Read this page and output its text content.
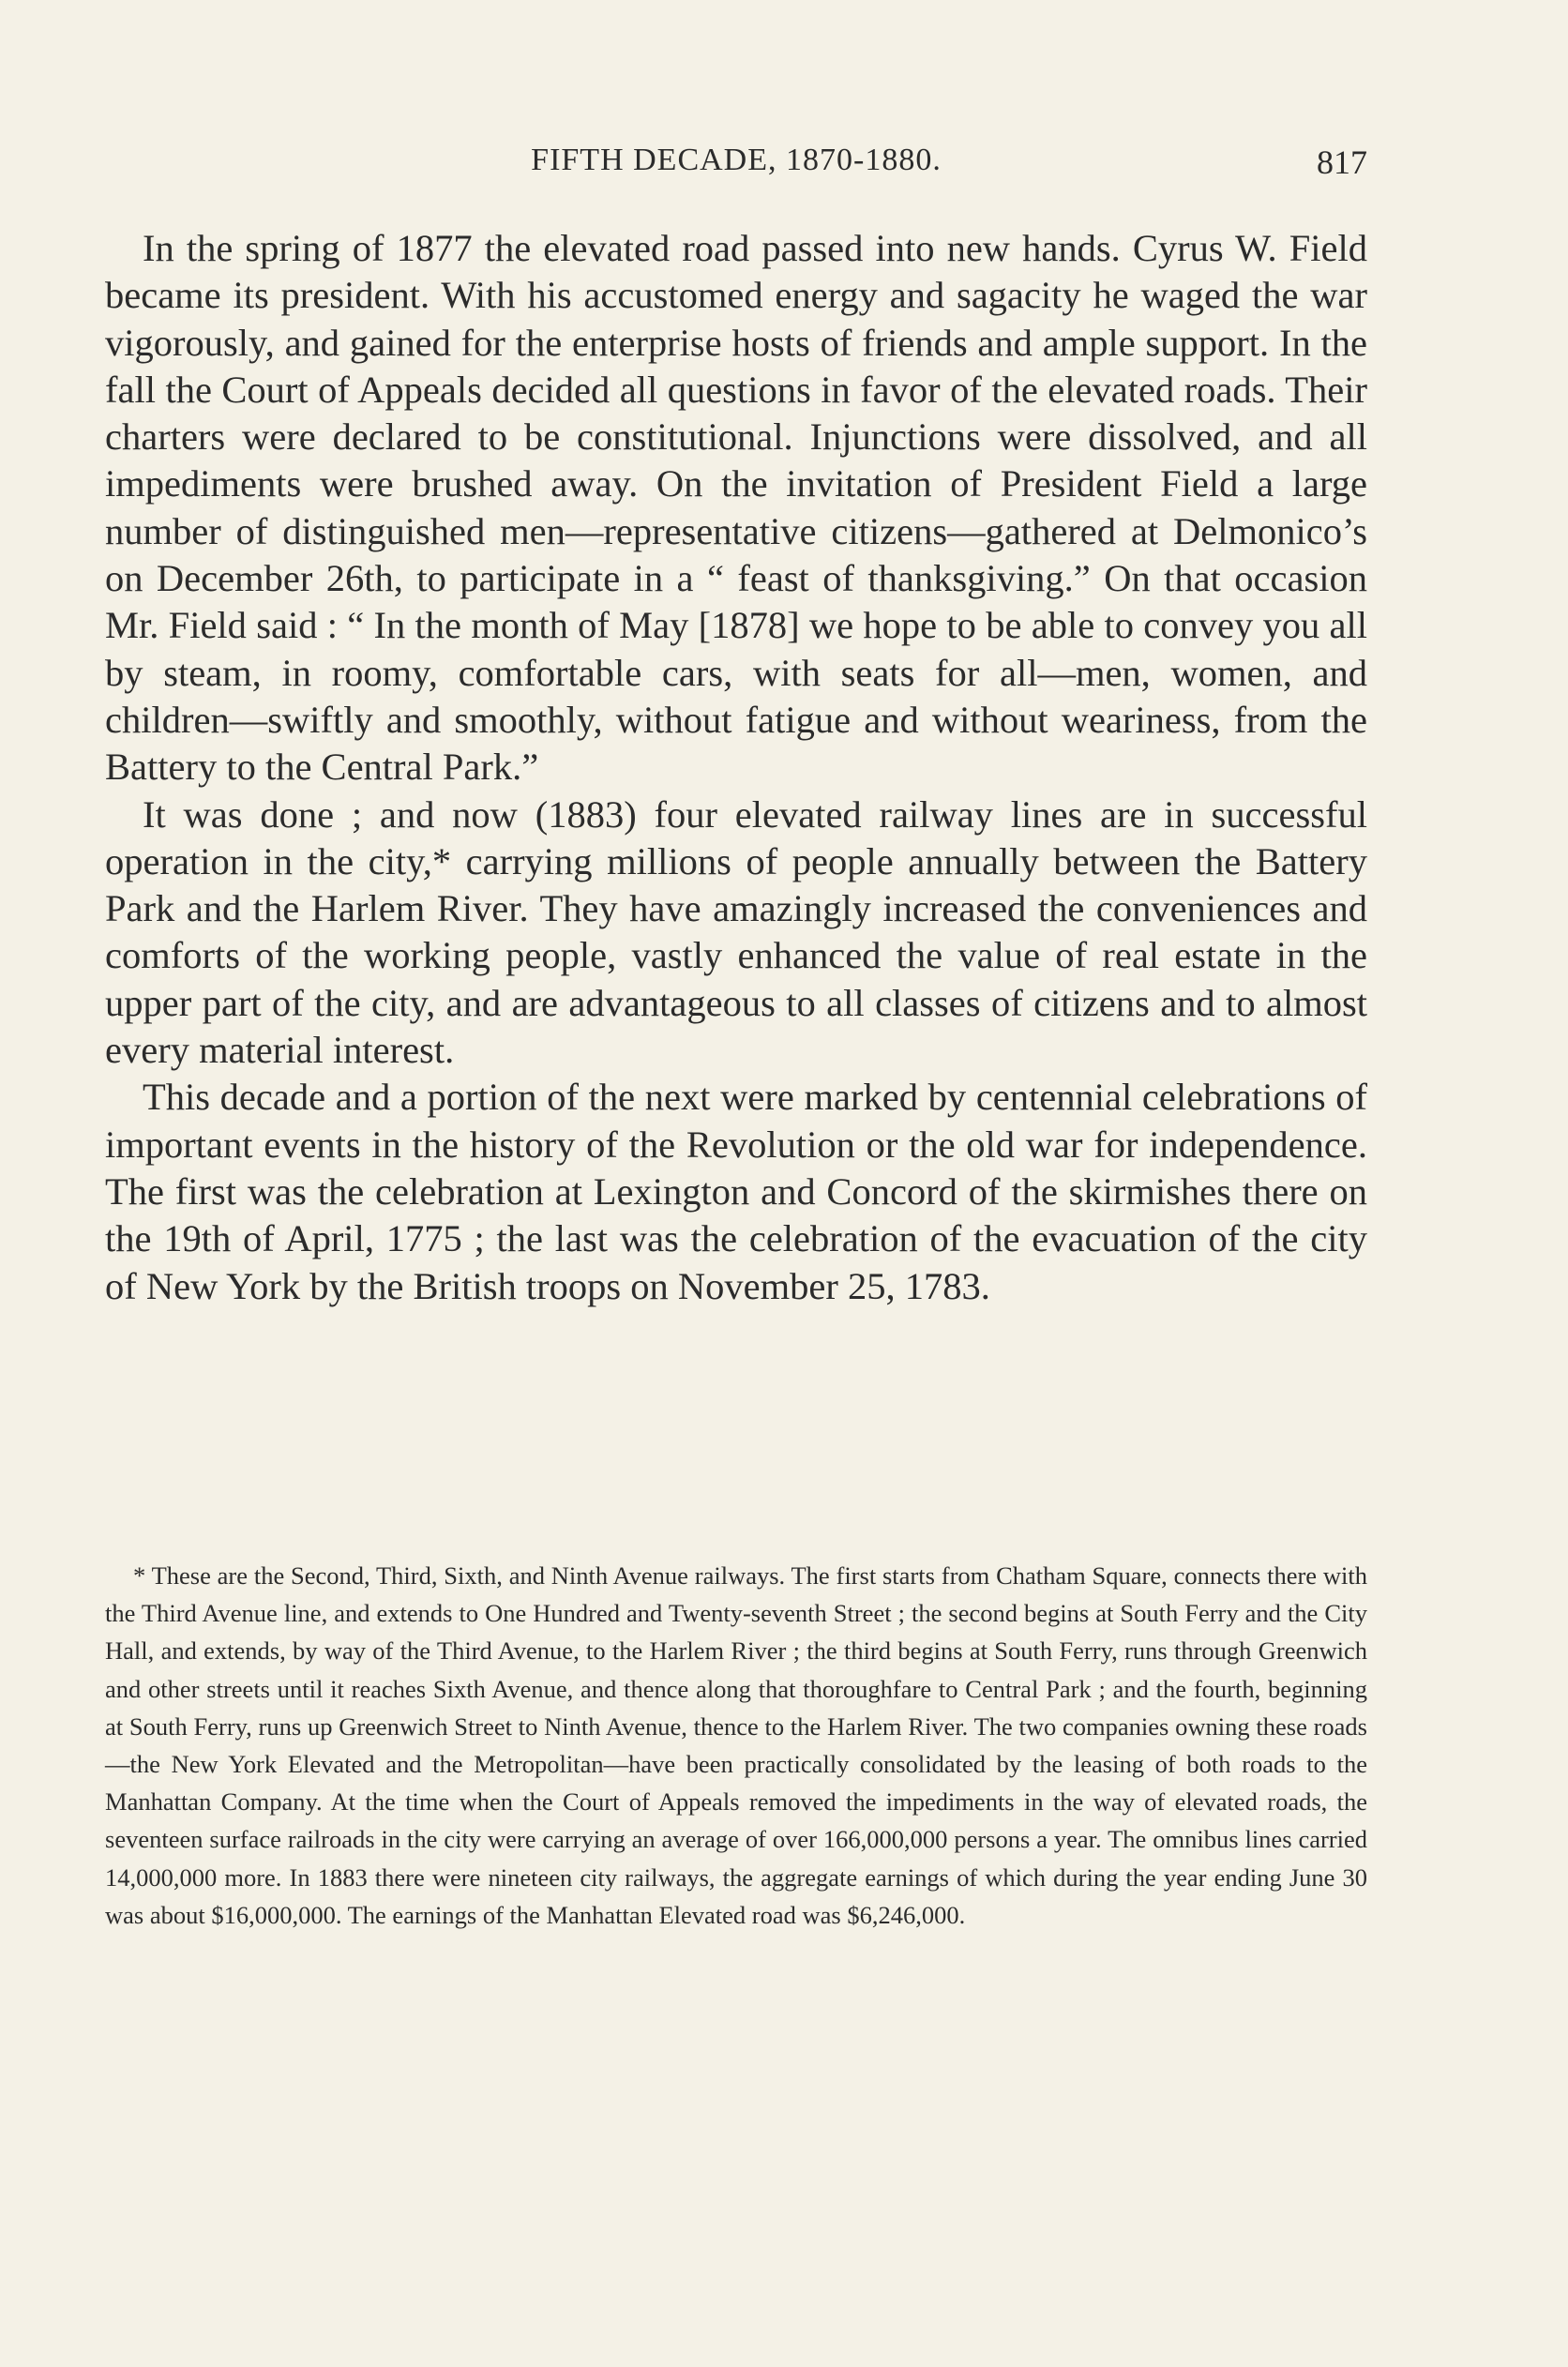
FIFTH DECADE, 1870-1880.	817

In the spring of 1877 the elevated road passed into new hands. Cyrus W. Field became its president. With his accustomed energy and sagacity he waged the war vigorously, and gained for the enterprise hosts of friends and ample support. In the fall the Court of Appeals decided all questions in favor of the elevated roads. Their charters were declared to be constitutional. Injunctions were dissolved, and all impediments were brushed away. On the invitation of President Field a large number of distinguished men—representative citizens—gathered at Delmonico’s on December 26th, to participate in a “ feast of thanksgiving.” On that occasion Mr. Field said : “ In the month of May [1878] we hope to be able to convey you all by steam, in roomy, comfortable cars, with seats for all—men, women, and children—swiftly and smoothly, without fatigue and without weariness, from the Battery to the Central Park.”

It was done ; and now (1883) four elevated railway lines are in successful operation in the city,* carrying millions of people annually between the Battery Park and the Harlem River. They have amazingly increased the conveniences and comforts of the working people, vastly enhanced the value of real estate in the upper part of the city, and are advantageous to all classes of citizens and to almost every material interest.

This decade and a portion of the next were marked by centennial celebrations of important events in the history of the Revolution or the old war for independence. The first was the celebration at Lexington and Concord of the skirmishes there on the 19th of April, 1775 ; the last was the celebration of the evacuation of the city of New York by the British troops on November 25, 1783.

* These are the Second, Third, Sixth, and Ninth Avenue railways. The first starts from Chatham Square, connects there with the Third Avenue line, and extends to One Hundred and Twenty-seventh Street ; the second begins at South Ferry and the City Hall, and extends, by way of the Third Avenue, to the Harlem River ; the third begins at South Ferry, runs through Greenwich and other streets until it reaches Sixth Avenue, and thence along that thoroughfare to Central Park ; and the fourth, beginning at South Ferry, runs up Greenwich Street to Ninth Avenue, thence to the Harlem River. The two companies owning these roads—the New York Elevated and the Metropolitan—have been practically consolidated by the leasing of both roads to the Manhattan Company. At the time when the Court of Appeals removed the impediments in the way of elevated roads, the seventeen surface railroads in the city were carrying an average of over 166,000,000 persons a year. The omnibus lines carried 14,000,000 more. In 1883 there were nineteen city railways, the aggregate earnings of which during the year ending June 30 was about $16,000,000. The earnings of the Manhattan Elevated road was $6,246,000.
